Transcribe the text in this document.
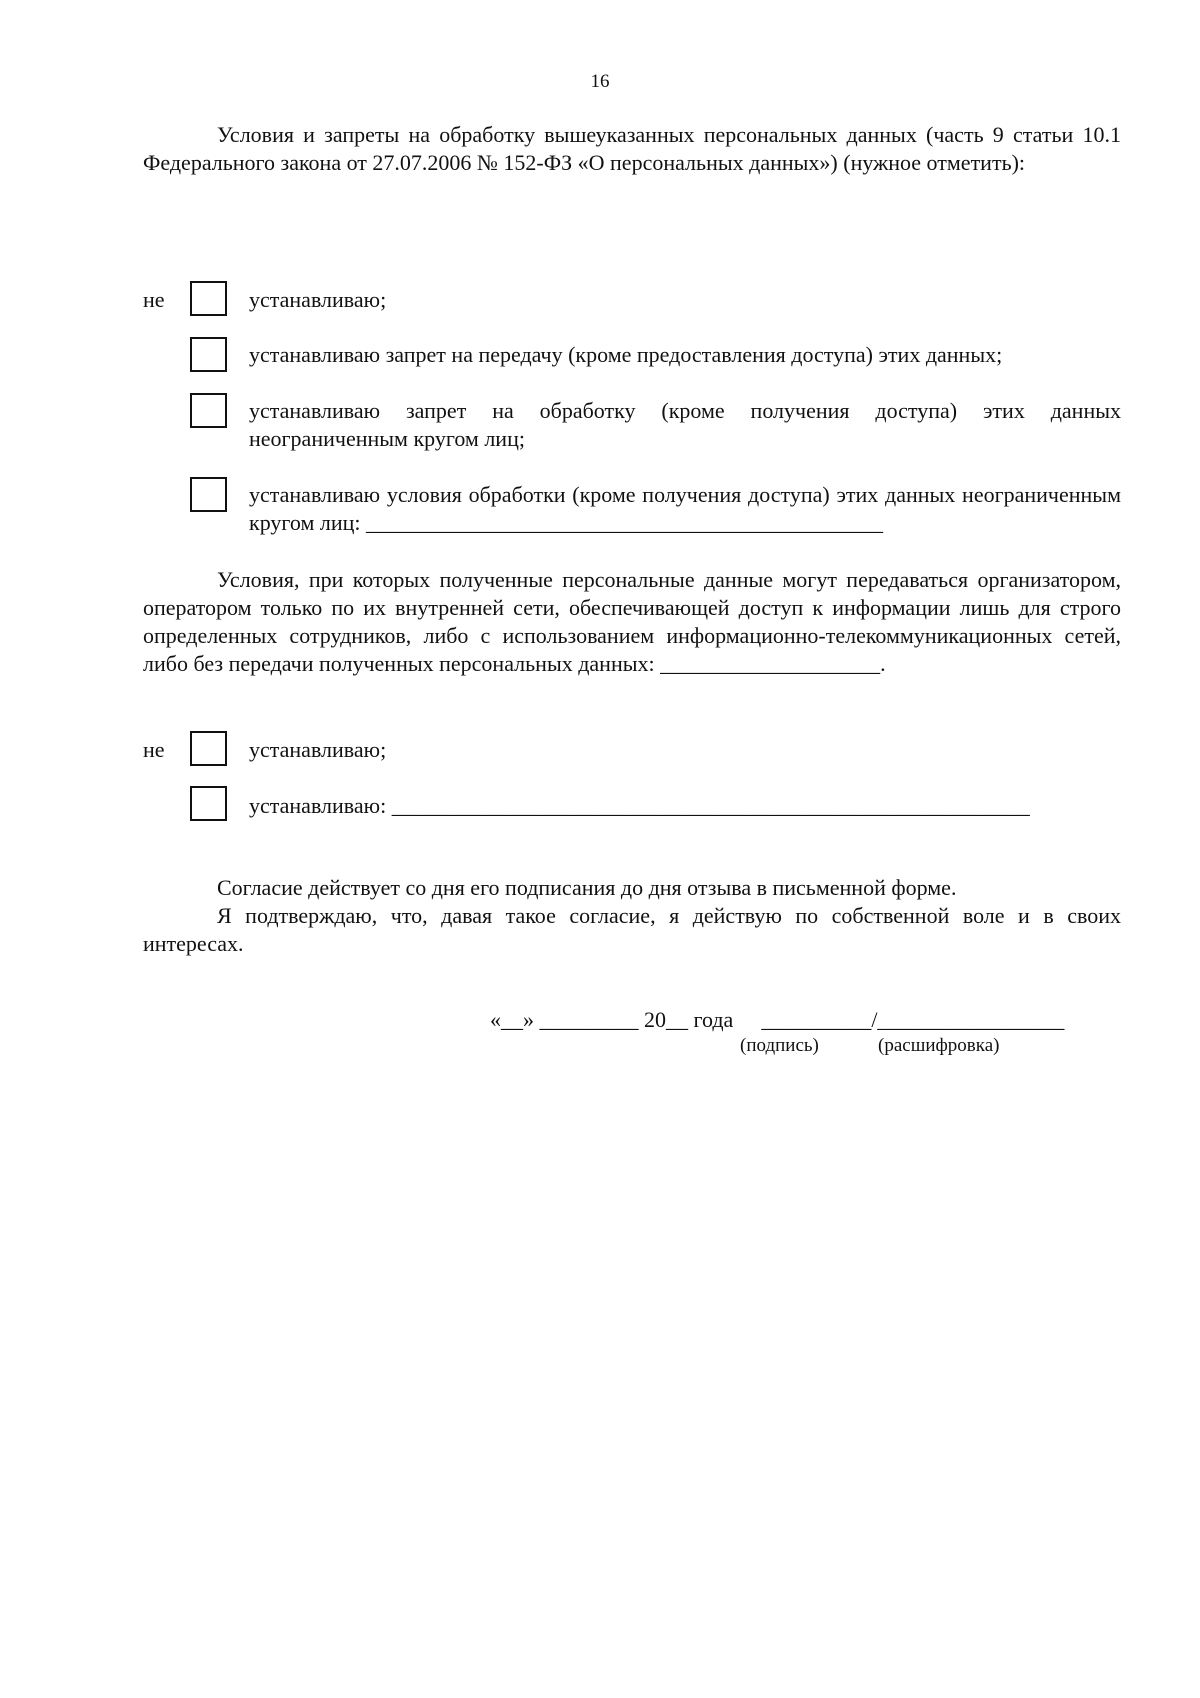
16
Условия и запреты на обработку вышеуказанных персональных данных (часть 9 статьи 10.1 Федерального закона от 27.07.2006 № 152-ФЗ «О персональных данных») (нужное отметить):
не	устанавливаю;
устанавливаю запрет на передачу (кроме предоставления доступа) этих данных;
устанавливаю запрет на обработку (кроме получения доступа) этих данных неограниченным кругом лиц;
устанавливаю условия обработки (кроме получения доступа) этих данных неограниченным кругом лиц: _______________________________________________
Условия, при которых полученные персональные данные могут передаваться организатором, оператором только по их внутренней сети, обеспечивающей доступ к информации лишь для строго определенных сотрудников, либо с использованием информационно-телекоммуникационных сетей, либо без передачи полученных персональных данных: ____________________.
не	устанавливаю;
устанавливаю: __________________________________________________________
Согласие действует со дня его подписания до дня отзыва в письменной форме.
Я подтверждаю, что, давая такое согласие, я действую по собственной воле и в своих интересах.
«__» _________ 20__ года __________/_________________
(подпись)	(расшифровка)
